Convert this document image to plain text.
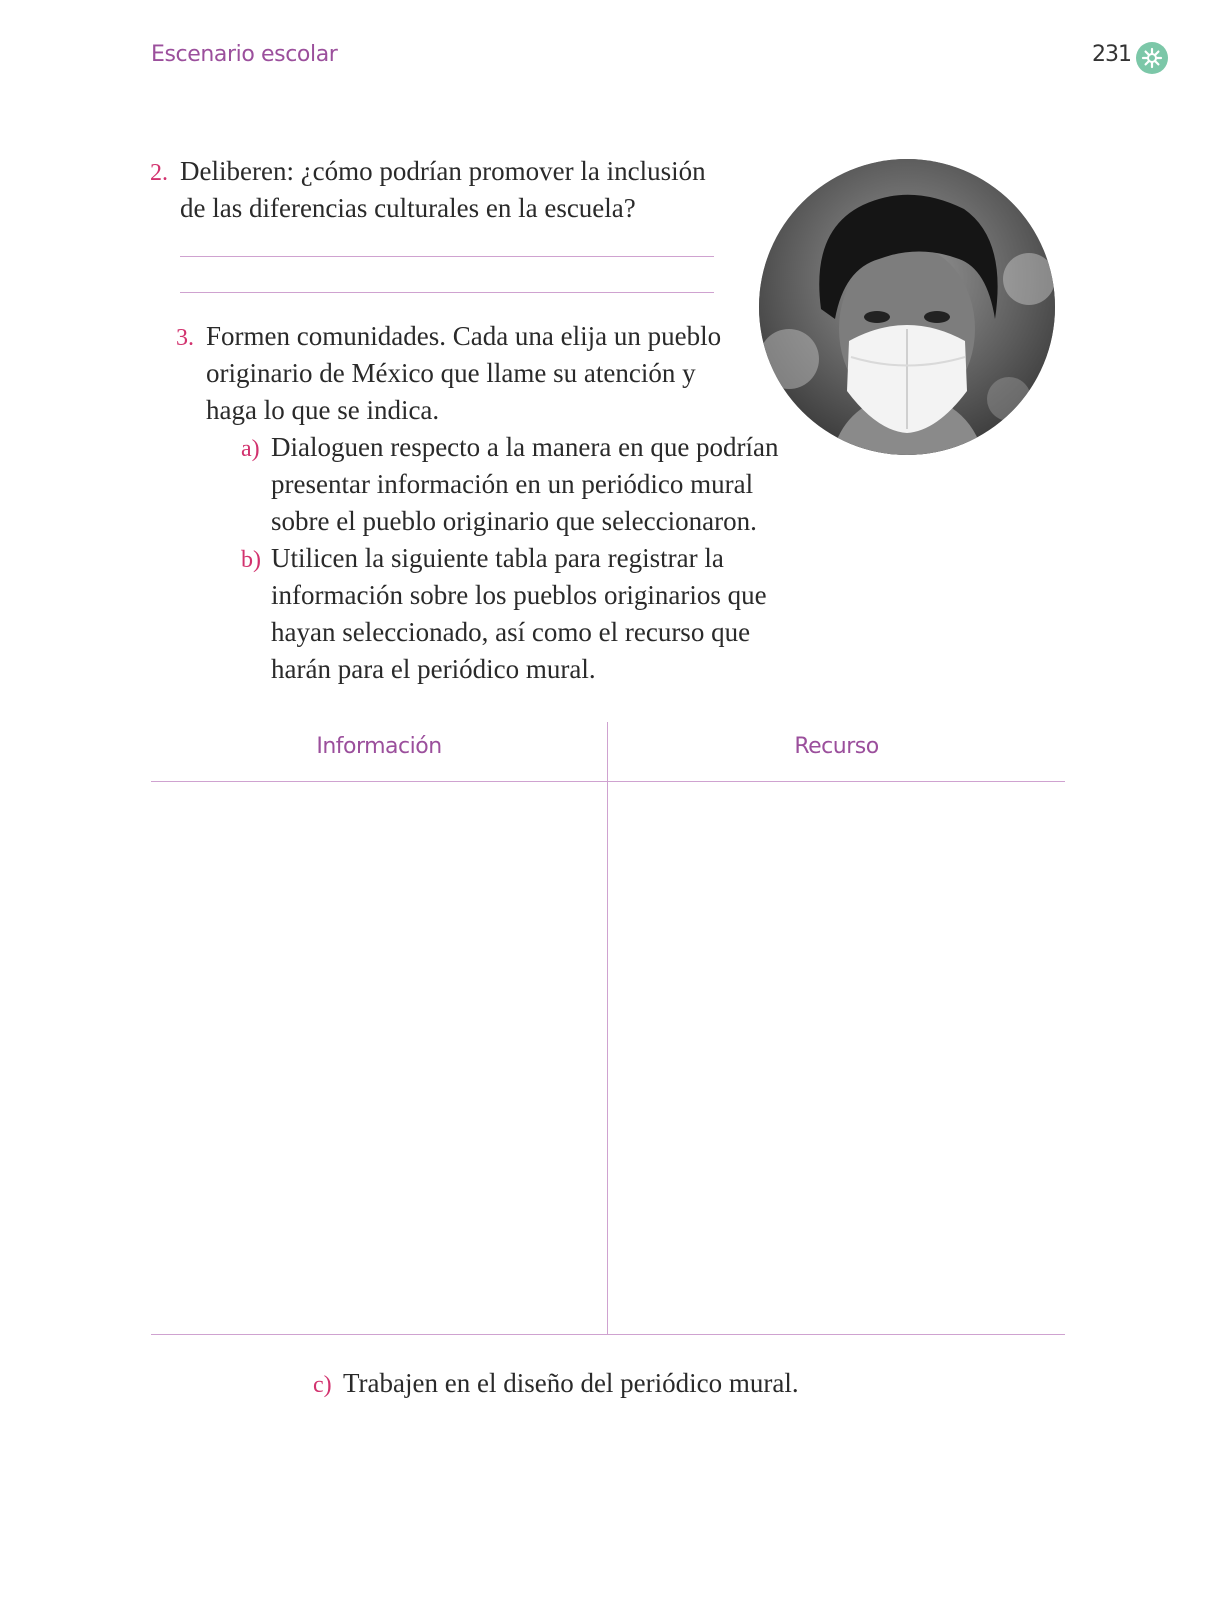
Escenario escolar	231
2. Deliberen: ¿cómo podrían promover la inclusión
de las diferencias culturales en la escuela?
3. Formen comunidades. Cada una elija un pueblo
originario de México que llame su atención y
haga lo que se indica.
a) Dialoguen respecto a la manera en que podrían
presentar información en un periódico mural
sobre el pueblo originario que seleccionaron.
b) Utilicen la siguiente tabla para registrar la
información sobre los pueblos originarios que
hayan seleccionado, así como el recurso que
harán para el periódico mural.
Información	Recurso
c) Trabajen en el diseño del periódico mural.
